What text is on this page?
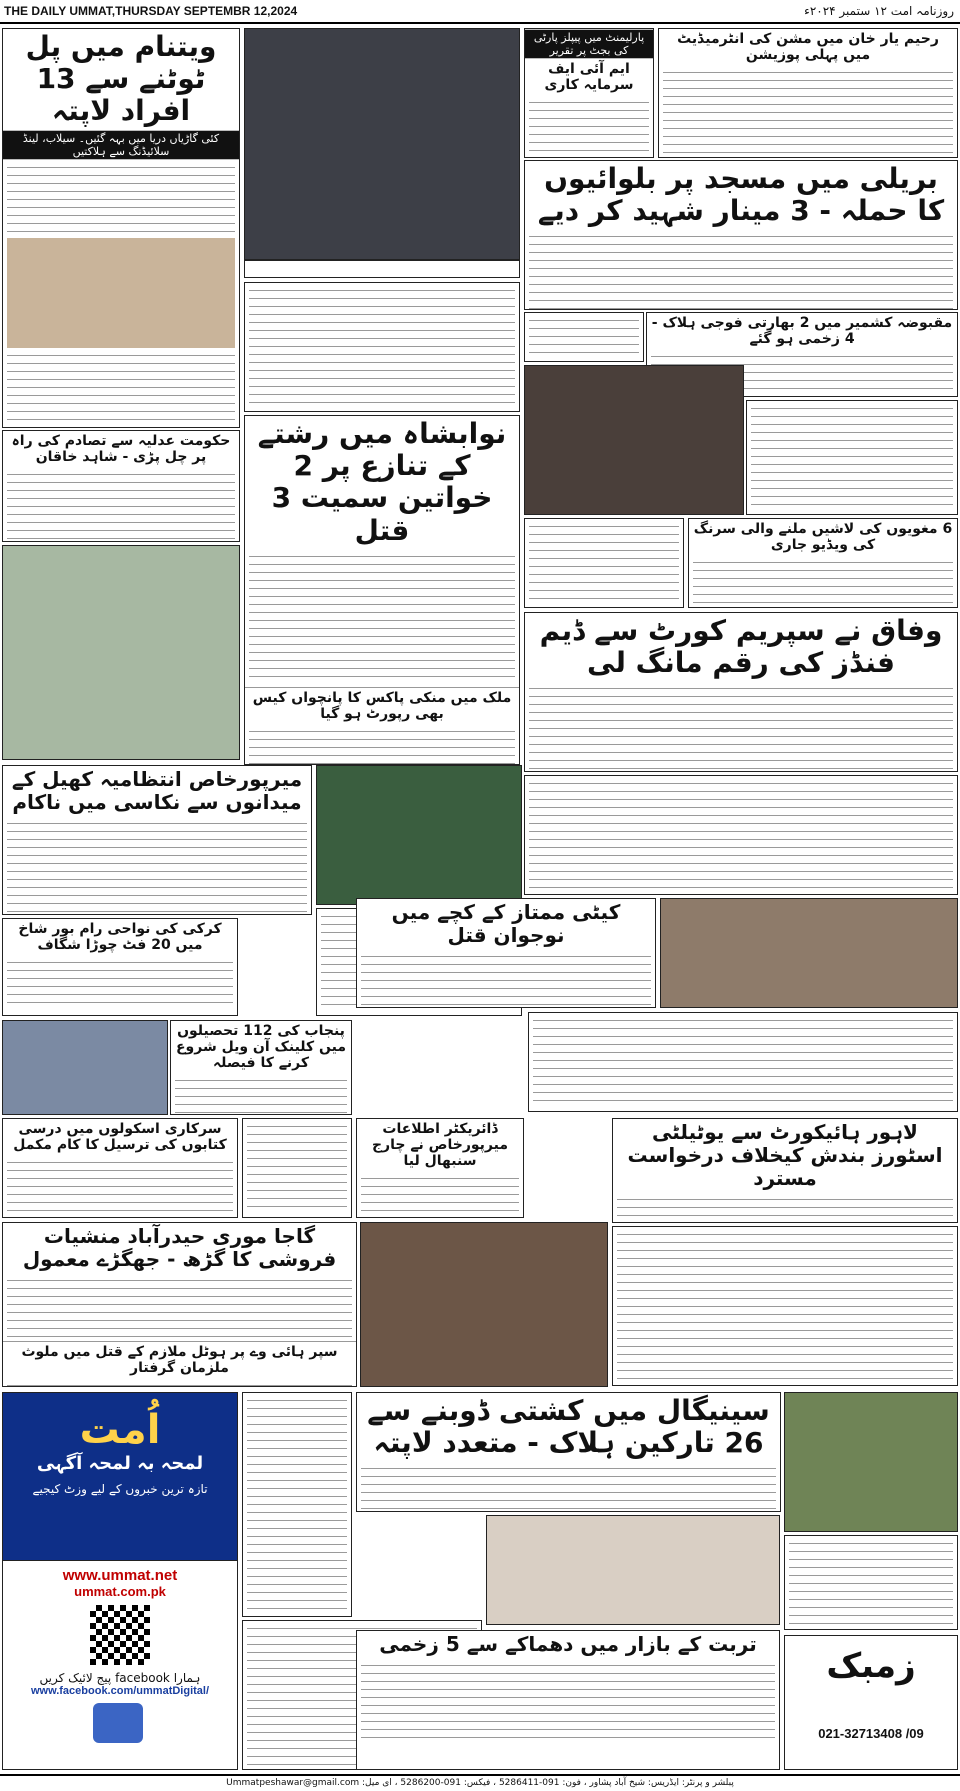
THE DAILY UMMAT,THURSDAY SEPTEMBR 12,2024	روزنامہ امت ۱۲ ستمبر ۲۰۲۴ء
ویتنام میں پل ٹوٹنے سے 13 افراد لاپتہ
کئی گاڑیاں دریا میں بہہ گئیں۔ سیلاب، لینڈ سلائیڈنگ سے ہلاکتیں
حکومت عدلیہ سے تصادم کی راہ پر چل پڑی - شاہد خاقان
میرپورخاص انتظامیہ کھیل کے میدانوں سے نکاسی میں ناکام
کرکی کی نواحی رام بور شاخ میں 20 فٹ چوڑا شگاف
سرکاری اسکولوں میں درسی کتابوں کی ترسیل کا کام مکمل
گاجا موری حیدرآباد منشیات فروشی کا گڑھ - جھگڑے معمول
سپر ہائی وے پر ہوٹل ملازم کے قتل میں ملوث ملزمان گرفتار
اُمت
لمحہ بہ لمحہ آگہی
تازہ ترین خبروں کے لیے وزٹ کیجیے
www.ummat.net
ummat.com.pk
ہمارا facebook پیج لائیک کریں
www.facebook.com/ummatDigital/
نوابشاہ میں رشتے کے تنازع پر 2 خواتین سمیت 3 قتل
ملک میں منکی پاکس کا پانچواں کیس بھی رپورٹ ہو گیا
پنجاب کی 112 تحصیلوں میں کلینک آن ویل شروع کرنے کا فیصلہ
ڈائریکٹر اطلاعات میرپورخاص نے چارج سنبھال لیا
پارلیمنٹ میں پیپلز پارٹی کی بجٹ پر تقریر
ایم آئی ایف سرمایہ کاری
رحیم یار خان میں مشن کی انٹرمیڈیٹ میں پہلی پوزیشن
بریلی میں مسجد پر بلوائیوں کا حملہ - 3 مینار شہید کر دیے
مقبوضہ کشمیر میں 2 بھارتی فوجی ہلاک - 4 زخمی ہو گئے
6 مغویوں کی لاشیں ملنے والی سرنگ کی ویڈیو جاری
وفاق نے سپریم کورٹ سے ڈیم فنڈز کی رقم مانگ لی
کیٹی ممتاز کے کچے میں نوجوان قتل
لاہور ہائیکورٹ سے یوٹیلٹی اسٹورز بندش کیخلاف درخواست مسترد
سینیگال میں کشتی ڈوبنے سے 26 تارکین ہلاک - متعدد لاپتہ
تربت کے بازار میں دھماکے سے 5 زخمی
زمبک
021-32713408 /09
پبلشر و پرنٹر: ایڈریس: شیخ آباد پشاور ، فون: 091-5286411 ، فیکس: 091-5286200 ، ای میل: Ummatpeshawar@gmail.com
